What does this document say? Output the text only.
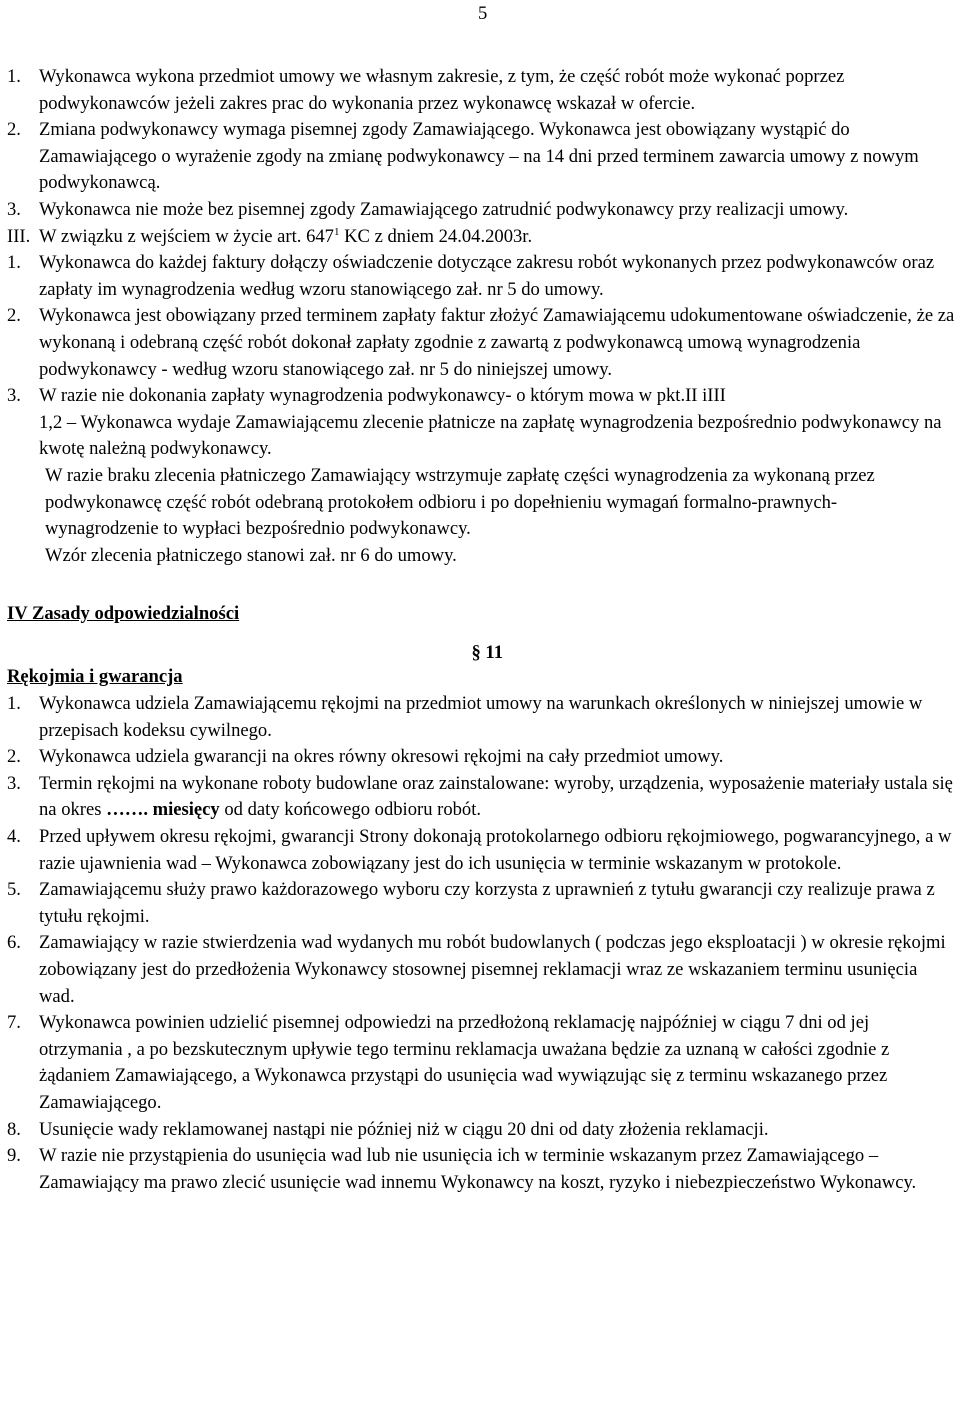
5
1. Wykonawca wykona przedmiot umowy we własnym zakresie, z tym, że część robót może wykonać poprzez podwykonawców jeżeli zakres prac do wykonania przez wykonawcę wskazał w ofercie.
2. Zmiana podwykonawcy wymaga pisemnej zgody Zamawiającego. Wykonawca jest obowiązany wystąpić do Zamawiającego o wyrażenie zgody na zmianę podwykonawcy – na 14 dni przed terminem zawarcia umowy z nowym podwykonawcą.
3. Wykonawca nie może bez pisemnej zgody Zamawiającego zatrudnić podwykonawcy przy realizacji umowy.
III. W związku z wejściem w życie art. $647^1$ KC z dniem 24.04.2003r.
1. Wykonawca do każdej faktury dołączy oświadczenie dotyczące zakresu robót wykonanych przez podwykonawców oraz zapłaty im wynagrodzenia według wzoru stanowiącego zał. nr 5 do umowy.
2. Wykonawca jest obowiązany przed terminem zapłaty faktur złożyć Zamawiającemu udokumentowane oświadczenie, że za wykonaną i odebraną część robót dokonał zapłaty zgodnie z zawartą z podwykonawcą umową wynagrodzenia podwykonawcy - według wzoru stanowiącego zał. nr 5 do niniejszej umowy.
3. W razie nie dokonania zapłaty wynagrodzenia podwykonawcy- o którym mowa w pkt.II iIII
1,2 – Wykonawca wydaje Zamawiającemu zlecenie płatnicze na zapłatę wynagrodzenia bezpośrednio podwykonawcy na kwotę należną podwykonawcy.
W razie braku zlecenia płatniczego Zamawiający wstrzymuje zapłatę części wynagrodzenia za wykonaną przez podwykonawcę część robót odebraną protokołem odbioru i po dopełnieniu wymagań formalno-prawnych- wynagrodzenie to wypłaci bezpośrednio podwykonawcy.
Wzór zlecenia płatniczego stanowi zał. nr 6 do umowy.
IV Zasady odpowiedzialności
§ 11
Rękojmia i gwarancja
1. Wykonawca udziela Zamawiającemu rękojmi na przedmiot umowy na warunkach określonych w niniejszej umowie w przepisach kodeksu cywilnego.
2. Wykonawca udziela gwarancji na okres równy okresowi rękojmi na cały przedmiot umowy.
3. Termin rękojmi na wykonane roboty budowlane oraz zainstalowane: wyroby, urządzenia, wyposażenie materiały ustala się na okres ……. miesięcy od daty końcowego odbioru robót.
4. Przed upływem okresu rękojmi, gwarancji Strony dokonają protokolarnego odbioru rękojmiowego, pogwarancyjnego, a w razie ujawnienia wad – Wykonawca zobowiązany jest do ich usunięcia w terminie wskazanym w protokole.
5. Zamawiającemu służy prawo każdorazowego wyboru czy korzysta z uprawnień z tytułu gwarancji czy realizuje prawa z tytułu rękojmi.
6. Zamawiający w razie stwierdzenia wad wydanych mu robót budowlanych ( podczas jego eksploatacji ) w okresie rękojmi zobowiązany jest do przedłożenia Wykonawcy stosownej pisemnej reklamacji wraz ze wskazaniem terminu usunięcia wad.
7. Wykonawca powinien udzielić pisemnej odpowiedzi na przedłożoną reklamację najpóźniej w ciągu 7 dni od jej otrzymania , a po bezskutecznym upływie tego terminu reklamacja uważana będzie za uznaną w całości zgodnie z żądaniem Zamawiającego, a Wykonawca przystąpi do usunięcia wad wywiązując się z terminu wskazanego przez Zamawiającego.
8. Usunięcie wady reklamowanej nastąpi nie później niż w ciągu 20 dni od daty złożenia reklamacji.
9. W razie nie przystąpienia do usunięcia wad lub nie usunięcia ich w terminie wskazanym przez Zamawiającego – Zamawiający ma prawo zlecić usunięcie wad innemu Wykonawcy na koszt, ryzyko i niebezpieczeństwo Wykonawcy.
